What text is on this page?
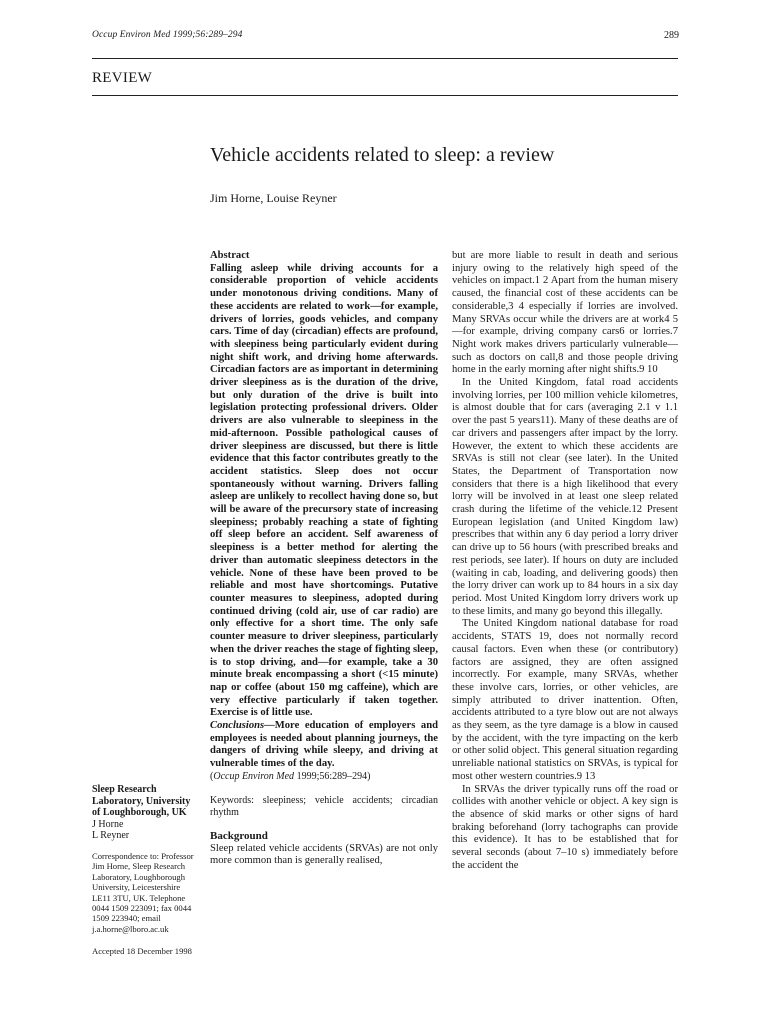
Occup Environ Med 1999;56:289–294	289
REVIEW
Vehicle accidents related to sleep: a review
Jim Horne, Louise Reyner

Abstract

Falling asleep while driving accounts for a considerable proportion of vehicle accidents under monotonous driving conditions. Many of these accidents are related to work—for example, drivers of lorries, goods vehicles, and company cars. Time of day (circadian) effects are profound, with sleepiness being particularly evident during night shift work, and driving home afterwards. Circadian factors are as important in determining driver sleepiness as is the duration of the drive, but only duration of the drive is built into legislation protecting professional drivers. Older drivers are also vulnerable to sleepiness in the mid-afternoon. Possible pathological causes of driver sleepiness are discussed, but there is little evidence that this factor contributes greatly to the accident statistics. Sleep does not occur spontaneously without warning. Drivers falling asleep are unlikely to recollect having done so, but will be aware of the precursory state of increasing sleepiness; probably reaching a state of fighting off sleep before an accident. Self awareness of sleepiness is a better method for alerting the driver than automatic sleepiness detectors in the vehicle. None of these have been proved to be reliable and most have shortcomings. Putative counter measures to sleepiness, adopted during continued driving (cold air, use of car radio) are only effective for a short time. The only safe counter measure to driver sleepiness, particularly when the driver reaches the stage of fighting sleep, is to stop driving, and—for example, take a 30 minute break encompassing a short (<15 minute) nap or coffee (about 150 mg caffeine), which are very effective particularly if taken together. Exercise is of little use.

Conclusions—More education of employers and employees is needed about planning journeys, the dangers of driving while sleepy, and driving at vulnerable times of the day.

(Occup Environ Med 1999;56:289–294)

Keywords: sleepiness; vehicle accidents; circadian rhythm

Background

Sleep related vehicle accidents (SRVAs) are not only more common than is generally realised,

but are more liable to result in death and serious injury owing to the relatively high speed of the vehicles on impact.1 2 Apart from the human misery caused, the financial cost of these accidents can be considerable,3 4 especially if lorries are involved. Many SRVAs occur while the drivers are at work4 5—for example, driving company cars6 or lorries.7 Night work makes drivers particularly vulnerable—such as doctors on call,8 and those people driving home in the early morning after night shifts.9 10

In the United Kingdom, fatal road accidents involving lorries, per 100 million vehicle kilometres, is almost double that for cars (averaging 2.1 v 1.1 over the past 5 years11). Many of these deaths are of car drivers and passengers after impact by the lorry. However, the extent to which these accidents are SRVAs is still not clear (see later). In the United States, the Department of Transportation now considers that there is a high likelihood that every lorry will be involved in at least one sleep related crash during the lifetime of the vehicle.12 Present European legislation (and United Kingdom law) prescribes that within any 6 day period a lorry driver can drive up to 56 hours (with prescribed breaks and rest periods, see later). If hours on duty are included (waiting in cab, loading, and delivering goods) then the lorry driver can work up to 84 hours in a six day period. Most United Kingdom lorry drivers work up to these limits, and many go beyond this illegally.

The United Kingdom national database for road accidents, STATS 19, does not normally record causal factors. Even when these (or contributory) factors are assigned, they are often assigned incorrectly. For example, many SRVAs, whether these involve cars, lorries, or other vehicles, are simply attributed to driver inattention. Often, accidents attributed to a tyre blow out are not always as they seem, as the tyre damage is a blow in caused by the accident, with the tyre impacting on the kerb or other solid object. This general situation regarding unreliable national statistics on SRVAs, is typical for most other western countries.9 13

In SRVAs the driver typically runs off the road or collides with another vehicle or object. A key sign is the absence of skid marks or other signs of hard braking beforehand (lorry tachographs can provide this evidence). It has to be established that for several seconds (about 7–10 s) immediately before the accident the

Sleep Research Laboratory, University of Loughborough, UK
J Horne
L Reyner
Correspondence to: Professor Jim Horne, Sleep Research Laboratory, Loughborough University, Leicestershire LE11 3TU, UK. Telephone 0044 1509 223091; fax 0044 1509 223940; email j.a.horne@lboro.ac.uk
Accepted 18 December 1998
